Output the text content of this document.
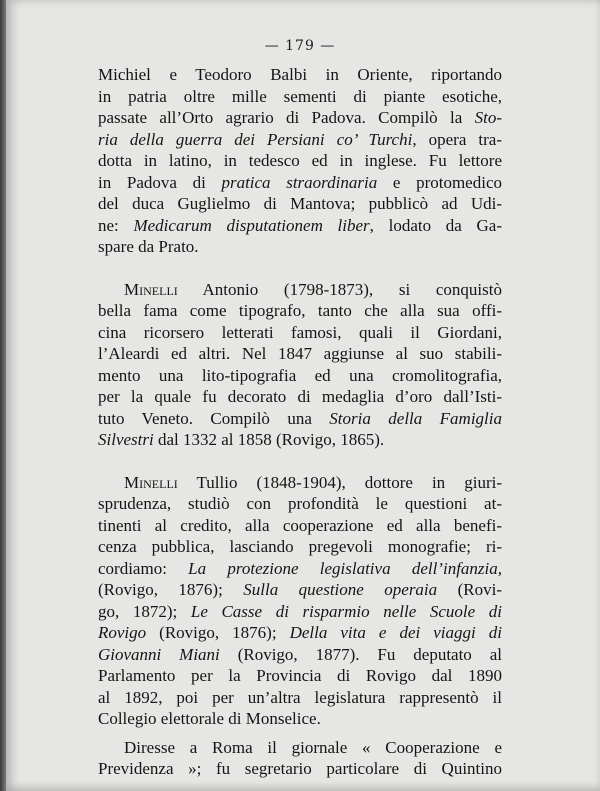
— 179 —

Michiel e Teodoro Balbi in Oriente, riportando
in patria oltre mille sementi di piante esotiche,
passate all’Orto agrario di Padova. Compilò la Sto-
ria della guerra dei Persiani co’ Turchi, opera tra-
dotta in latino, in tedesco ed in inglese. Fu lettore
in Padova di pratica straordinaria e protomedico
del duca Guglielmo di Mantova; pubblicò ad Udi-
ne: Medicarum disputationem liber, lodato da Ga-
spare da Prato.

Minelli Antonio (1798-1873), si conquistò
bella fama come tipografo, tanto che alla sua offi-
cina ricorsero letterati famosi, quali il Giordani,
l’Aleardi ed altri. Nel 1847 aggiunse al suo stabili-
mento una lito-tipografia ed una cromolitografia,
per la quale fu decorato di medaglia d’oro dall’Isti-
tuto Veneto. Compilò una Storia della Famiglia
Silvestri dal 1332 al 1858 (Rovigo, 1865).

Minelli Tullio (1848-1904), dottore in giuri-
sprudenza, studiò con profondità le questioni at-
tinenti al credito, alla cooperazione ed alla benefi-
cenza pubblica, lasciando pregevoli monografie; ri-
cordiamo: La protezione legislativa dell’infanzia,
(Rovigo, 1876); Sulla questione operaia (Rovi-
go, 1872); Le Casse di risparmio nelle Scuole di
Rovigo (Rovigo, 1876); Della vita e dei viaggi di
Giovanni Miani (Rovigo, 1877). Fu deputato al
Parlamento per la Provincia di Rovigo dal 1890
al 1892, poi per un’altra legislatura rappresentò il
Collegio elettorale di Monselice.

Diresse a Roma il giornale « Cooperazione e
Previdenza »; fu segretario particolare di Quintino
